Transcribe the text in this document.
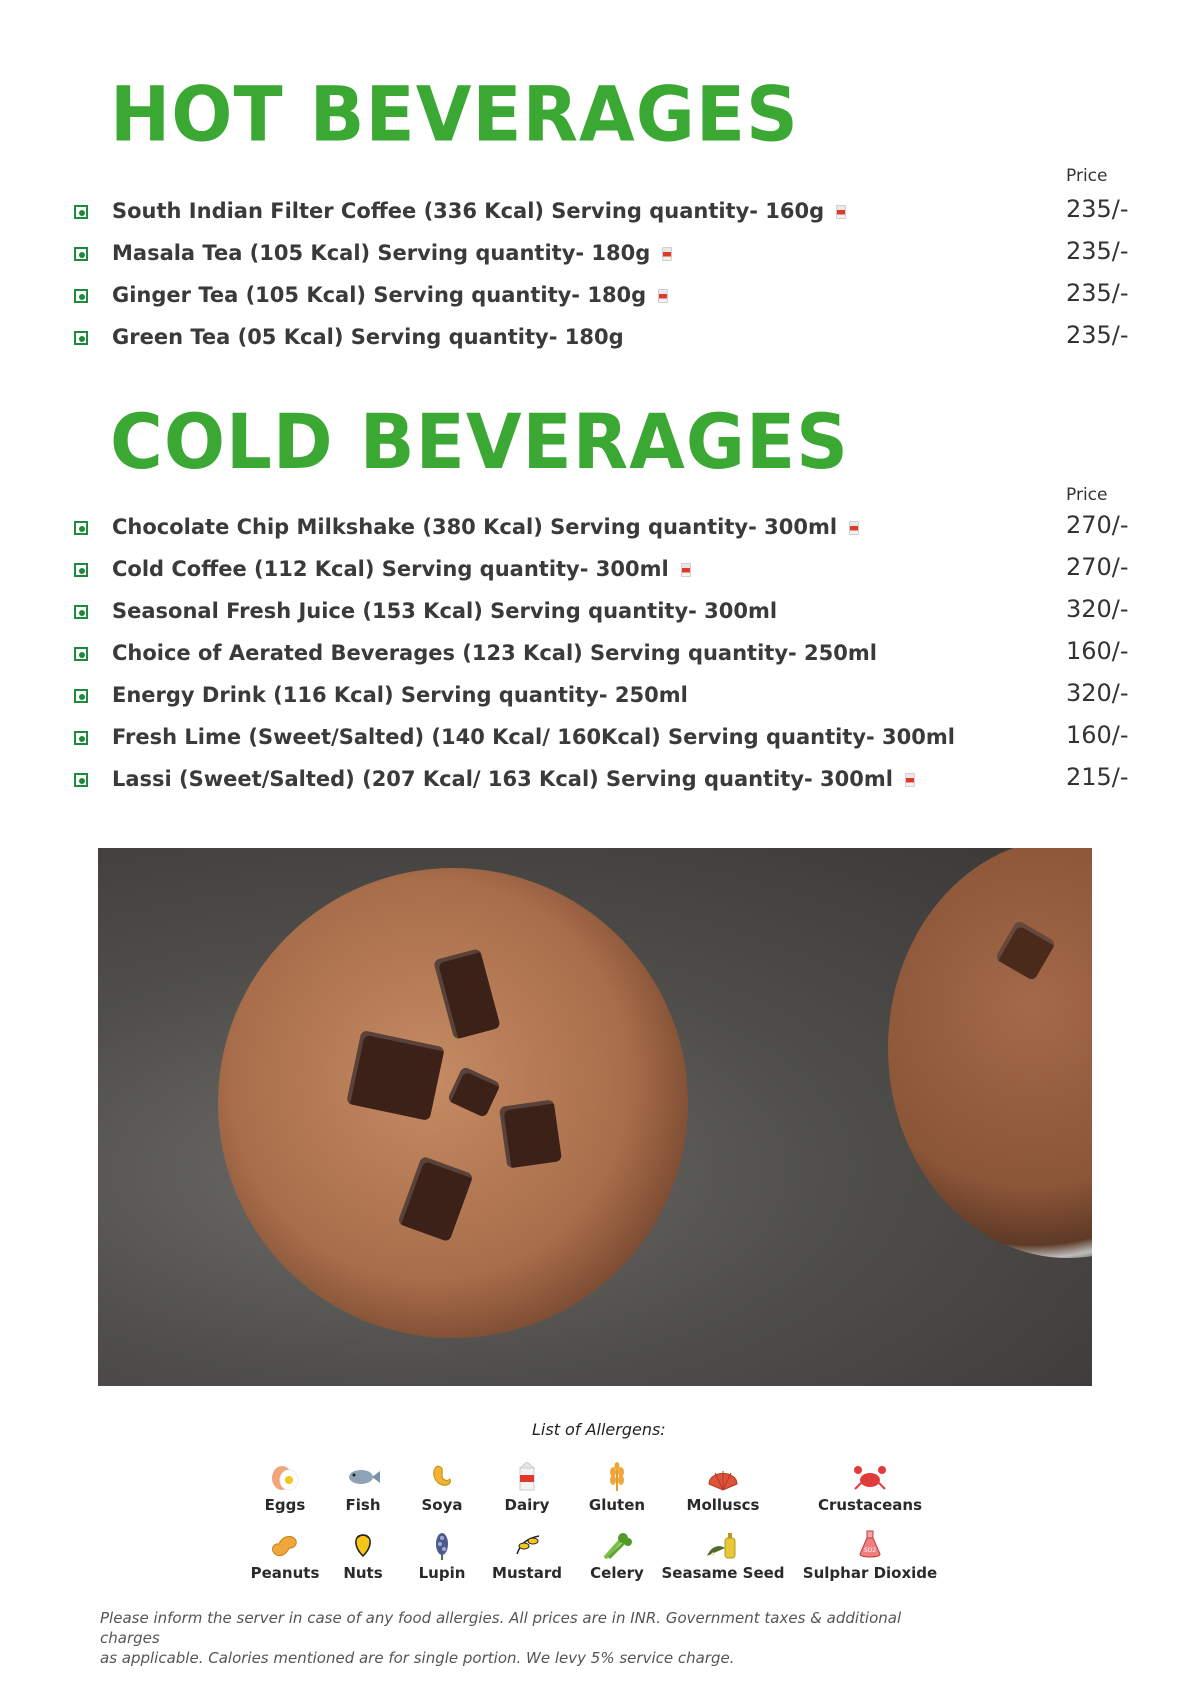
HOT BEVERAGES
Price
South Indian Filter Coffee (336 Kcal) Serving quantity- 160g	235/-
Masala Tea (105 Kcal) Serving quantity- 180g	235/-
Ginger Tea (105 Kcal) Serving quantity- 180g	235/-
Green Tea (05 Kcal) Serving quantity- 180g	235/-
COLD BEVERAGES
Price
Chocolate Chip Milkshake (380 Kcal) Serving quantity- 300ml	270/-
Cold Coffee (112 Kcal) Serving quantity- 300ml	270/-
Seasonal Fresh Juice (153 Kcal) Serving quantity- 300ml	320/-
Choice of Aerated Beverages (123 Kcal) Serving quantity- 250ml	160/-
Energy Drink (116 Kcal) Serving quantity- 250ml	320/-
Fresh Lime (Sweet/Salted) (140 Kcal/ 160Kcal) Serving quantity- 300ml	160/-
Lassi (Sweet/Salted) (207 Kcal/ 163 Kcal) Serving quantity- 300ml	215/-
List of Allergens:
Eggs	Fish	Soya	Dairy	Gluten	Molluscs	Crustaceans
Peanuts	Nuts	Lupin	Mustard	Celery	Seasame Seed
SO2
Sulphar Dioxide
Please inform the server in case of any food allergies. All prices are in INR. Government taxes & additional charges
as applicable. Calories mentioned are for single portion. We levy 5% service charge.
